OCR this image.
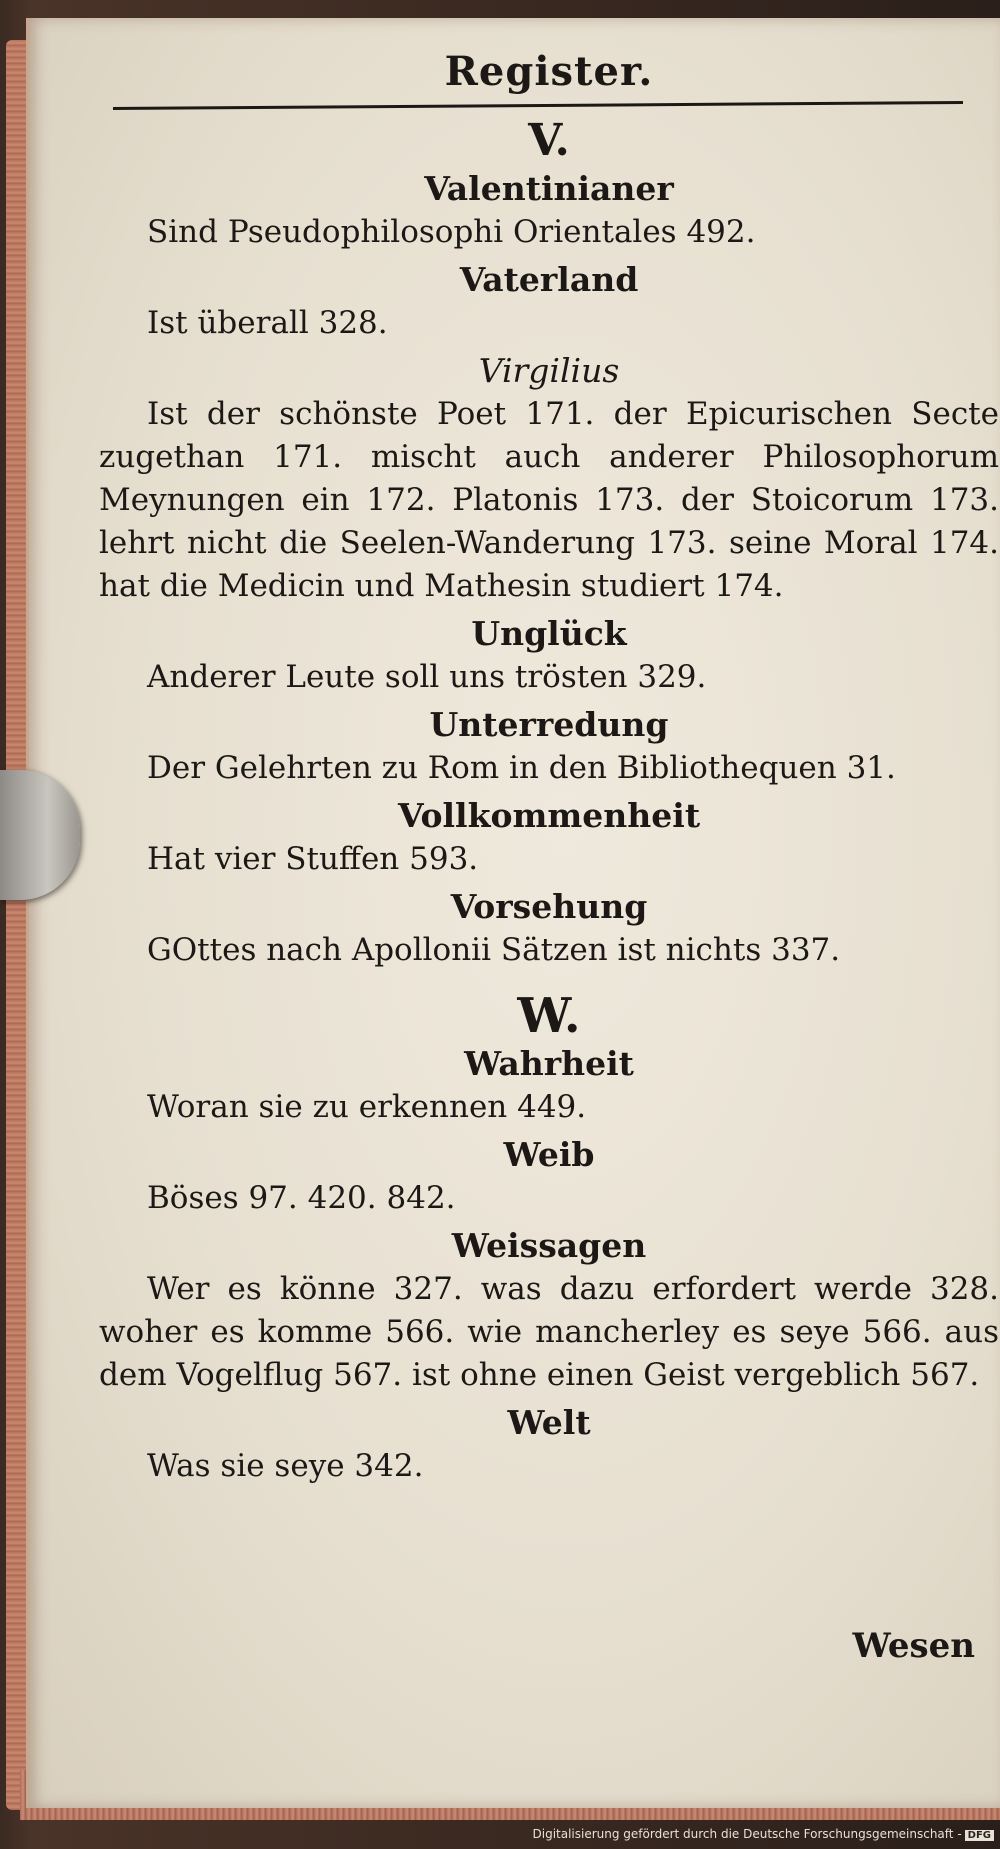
Register.
V.
Valentinianer

Sind Pseudophilosophi Orientales 492.

Vaterland

Ist überall 328.

Virgilius

Ist der schönste Poet 171. der Epicurischen Secte zugethan 171. mischt auch anderer Philosophorum Meynungen ein 172. Platonis 173. der Stoicorum 173. lehrt nicht die Seelen-Wanderung 173. seine Moral 174. hat die Medicin und Mathesin studiert 174.

Unglück

Anderer Leute soll uns trösten 329.

Unterredung

Der Gelehrten zu Rom in den Bibliothequen 31.

Vollkommenheit

Hat vier Stuffen 593.

Vorsehung

GOttes nach Apollonii Sätzen ist nichts 337.

W.
Wahrheit

Woran sie zu erkennen 449.

Weib

Böses 97. 420. 842.

Weissagen

Wer es könne 327. was dazu erfordert werde 328. woher es komme 566. wie mancherley es seye 566. aus dem Vogelflug 567. ist ohne einen Geist vergeblich 567.

Welt

Was sie seye 342.

Wesen
Digitalisierung gefördert durch die Deutsche Forschungsgemeinschaft - DFG
